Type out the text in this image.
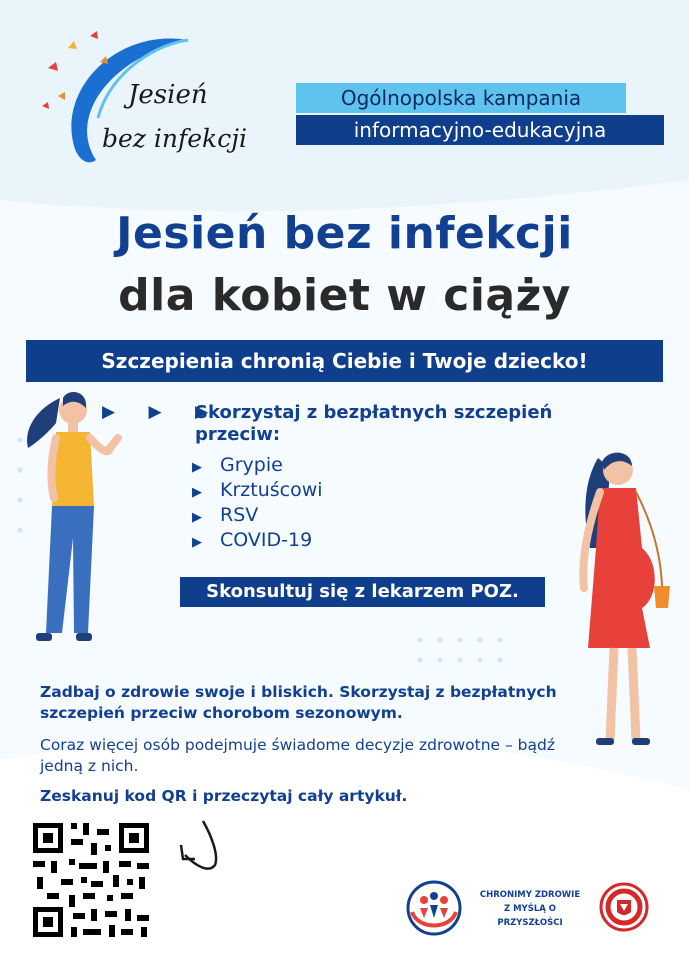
Jesień
bez infekcji
Ogólnopolska kampania
informacyjno-edukacyjna
Jesień bez infekcji
dla kobiet w ciąży
Szczepienia chronią Ciebie i Twoje dziecko!
▶ ▶ ▶
Skorzystaj z bezpłatnych szczepień przeciw:
▶ Grypie
▶ Krztuścowi
▶ RSV
▶ COVID-19
Skonsultuj się z lekarzem POZ.
Zadbaj o zdrowie swoje i bliskich. Skorzystaj z bezpłatnych szczepień przeciw chorobom sezonowym.
Coraz więcej osób podejmuje świadome decyzje zdrowotne – bądź jedną z nich.
Zeskanuj kod QR i przeczytaj cały artykuł.
CHRONIMY ZDROWIE
Z MYŚLĄ O PRZYSZŁOŚCI
